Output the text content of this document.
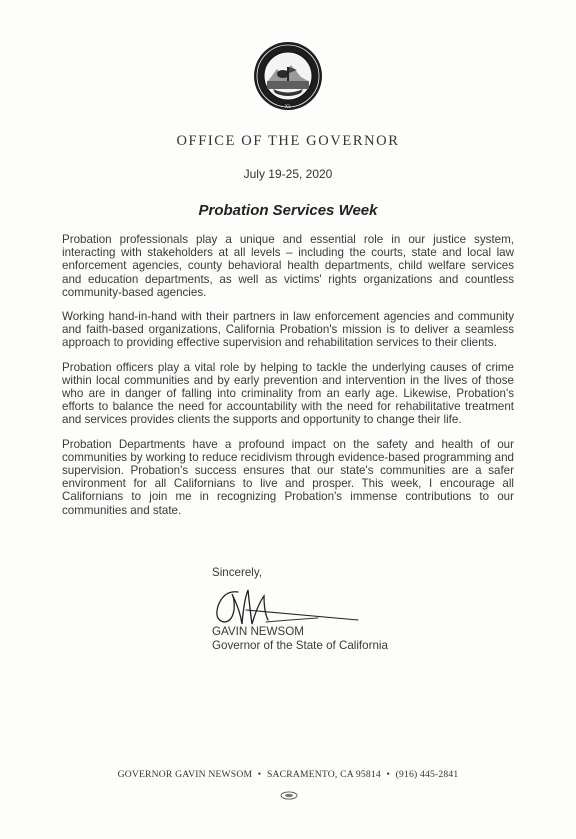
XL
OFFICE OF THE GOVERNOR
July 19-25, 2020
Probation Services Week

Probation professionals play a unique and essential role in our justice system, interacting with stakeholders at all levels – including the courts, state and local law enforcement agencies, county behavioral health departments, child welfare services and education departments, as well as victims' rights organizations and countless community-based agencies.

Working hand-in-hand with their partners in law enforcement agencies and community and faith-based organizations, California Probation's mission is to deliver a seamless approach to providing effective supervision and rehabilitation services to their clients.

Probation officers play a vital role by helping to tackle the underlying causes of crime within local communities and by early prevention and intervention in the lives of those who are in danger of falling into criminality from an early age. Likewise, Probation's efforts to balance the need for accountability with the need for rehabilitative treatment and services provides clients the supports and opportunity to change their life.

Probation Departments have a profound impact on the safety and health of our communities by working to reduce recidivism through evidence-based programming and supervision. Probation's success ensures that our state's communities are a safer environment for all Californians to live and prosper. This week, I encourage all Californians to join me in recognizing Probation's immense contributions to our communities and state.

Sincerely,
GAVIN NEWSOM
Governor of the State of California
GOVERNOR GAVIN NEWSOM • SACRAMENTO, CA 95814 • (916) 445-2841
